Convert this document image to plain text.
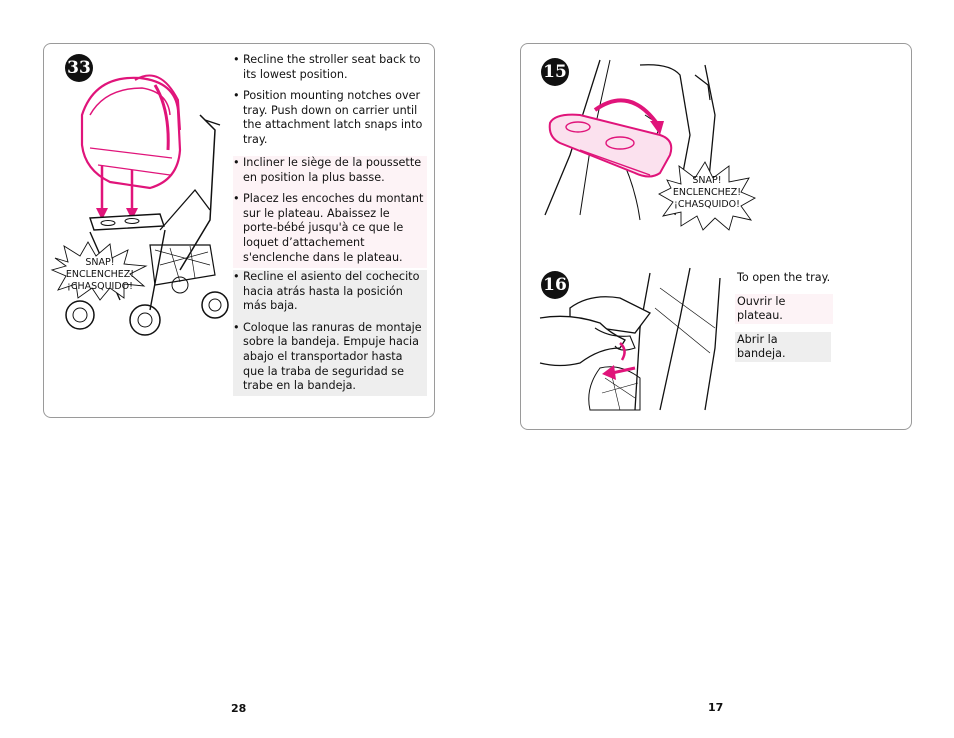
33
SNAP!
ENCLENCHEZ!
¡CHASQUIDO!
• Recline the stroller seat back to its lowest position.
• Position mounting notches over tray. Push down on carrier until the attachment latch snaps into tray.
• Incliner le siège de la poussette en position la plus basse.
• Placez les encoches du montant sur le plateau. Abaissez le porte-bébé jusqu'à ce que le loquet d’attachement s'enclenche dans le plateau.
• Recline el asiento del cochecito hacia atrás hasta la posición más baja.
• Coloque las ranuras de montaje sobre la bandeja. Empuje hacia abajo el transportador hasta que la traba de seguridad se trabe en la bandeja.
28
15
SNAP!
ENCLENCHEZ!
¡CHASQUIDO!
16	To open the tray.
Ouvrir le plateau.
Abrir la bandeja.
17
